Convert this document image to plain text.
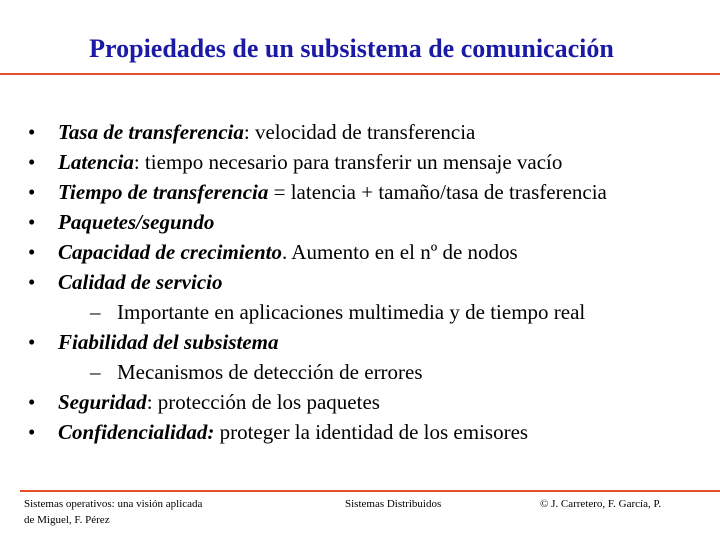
Propiedades de un subsistema de comunicación
•	Tasa de transferencia: velocidad de transferencia
•	Latencia: tiempo necesario para transferir un mensaje vacío
•	Tiempo de transferencia = latencia + tamaño/tasa de trasferencia
•	Paquetes/segundo
•	Capacidad de crecimiento. Aumento en el nº de nodos
•	Calidad de servicio
– Importante en aplicaciones multimedia y de tiempo real
•	Fiabilidad del subsistema
– Mecanismos de detección de errores
•	Seguridad: protección de los paquetes
•	Confidencialidad: proteger la identidad de los emisores
Sistemas operativos: una visión aplicada
de Miguel, F. Pérez
Sistemas Distribuidos	© J. Carretero, F. García, P.
